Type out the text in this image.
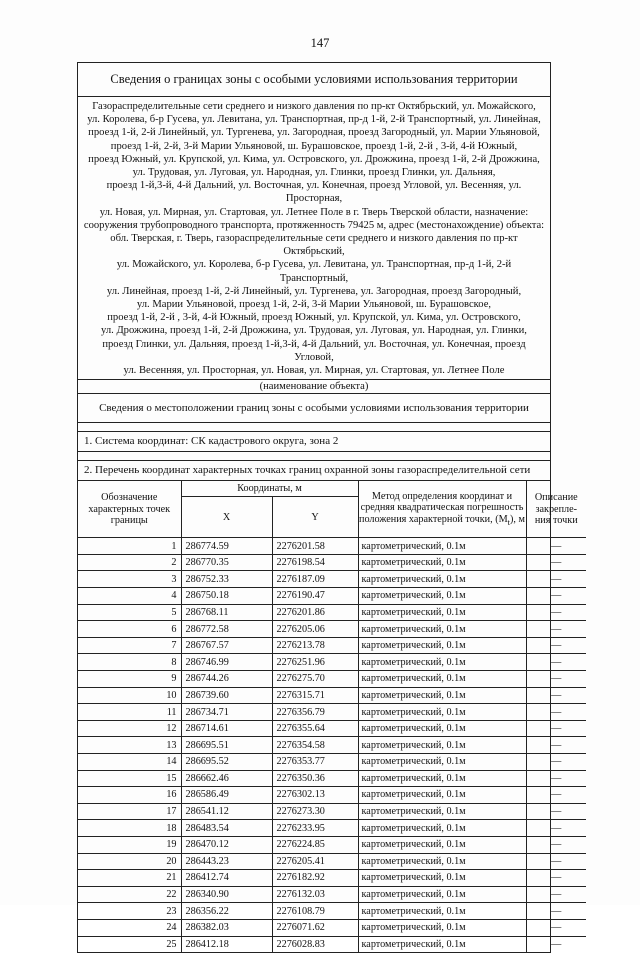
147
Сведения о границах зоны с особыми условиями использования территории
Газораспределительные сети среднего и низкого давления по пр-кт Октябрьский, ул. Можайского,
ул. Королева, б-р Гусева, ул. Левитана, ул. Транспортная, пр-д 1-й, 2-й Транспортный, ул. Линейная,
проезд 1-й, 2-й Линейный, ул. Тургенева, ул. Загородная, проезд Загородный, ул. Марии Ульяновой,
проезд 1-й, 2-й, 3-й Марии Ульяновой, ш. Бурашовское, проезд 1-й, 2-й , 3-й, 4-й Южный,
проезд Южный, ул. Крупской, ул. Кима, ул. Островского, ул. Дрожжина, проезд 1-й, 2-й Дрожжина,
ул. Трудовая, ул. Луговая, ул. Народная, ул. Глинки, проезд Глинки, ул. Дальняя,
проезд 1-й,3-й, 4-й Дальний, ул. Восточная, ул. Конечная, проезд Угловой, ул. Весенняя, ул. Просторная,
ул. Новая, ул. Мирная, ул. Стартовая, ул. Летнее Поле в г. Тверь Тверской области, назначение:
сооружения трубопроводного транспорта, протяженность 79425 м, адрес (местонахождение) объекта:
обл. Тверская, г. Тверь, газораспределительные сети среднего и низкого давления по пр-кт Октябрьский,
ул. Можайского, ул. Королева, б-р Гусева, ул. Левитана, ул. Транспортная, пр-д 1-й, 2-й Транспортный,
ул. Линейная, проезд 1-й, 2-й Линейный, ул. Тургенева, ул. Загородная, проезд Загородный,
ул. Марии Ульяновой, проезд 1-й, 2-й, 3-й Марии Ульяновой, ш. Бурашовское,
проезд 1-й, 2-й , 3-й, 4-й Южный, проезд Южный, ул. Крупской, ул. Кима, ул. Островского,
ул. Дрожжина, проезд 1-й, 2-й Дрожжина, ул. Трудовая, ул. Луговая, ул. Народная, ул. Глинки,
проезд Глинки, ул. Дальняя, проезд 1-й,3-й, 4-й Дальний, ул. Восточная, ул. Конечная, проезд Угловой,
ул. Весенняя, ул. Просторная, ул. Новая, ул. Мирная, ул. Стартовая, ул. Летнее Поле
(наименование объекта)
Сведения о местоположении границ зоны с особыми условиями использования территории
1. Система координат: СК кадастрового округа, зона 2
2. Перечень координат характерных точках границ охранной зоны газораспределительной сети
Обозначение характерных точек границы	Координаты, м		Метод определения координат и средняя квадратическая погрешность положения характерной точки, $(M_t)$, м	Описание закрепле- ния точки
	X	Y		
1	286774.59	2276201.58	картометрический, 0.1м	—
2	286770.35	2276198.54	картометрический, 0.1м	—
3	286752.33	2276187.09	картометрический, 0.1м	—
4	286750.18	2276190.47	картометрический, 0.1м	—
5	286768.11	2276201.86	картометрический, 0.1м	—
6	286772.58	2276205.06	картометрический, 0.1м	—
7	286767.57	2276213.78	картометрический, 0.1м	—
8	286746.99	2276251.96	картометрический, 0.1м	—
9	286744.26	2276275.70	картометрический, 0.1м	—
10	286739.60	2276315.71	картометрический, 0.1м	—
11	286734.71	2276356.79	картометрический, 0.1м	—
12	286714.61	2276355.64	картометрический, 0.1м	—
13	286695.51	2276354.58	картометрический, 0.1м	—
14	286695.52	2276353.77	картометрический, 0.1м	—
15	286662.46	2276350.36	картометрический, 0.1м	—
16	286586.49	2276302.13	картометрический, 0.1м	—
17	286541.12	2276273.30	картометрический, 0.1м	—
18	286483.54	2276233.95	картометрический, 0.1м	—
19	286470.12	2276224.85	картометрический, 0.1м	—
20	286443.23	2276205.41	картометрический, 0.1м	—
21	286412.74	2276182.92	картометрический, 0.1м	—
22	286340.90	2276132.03	картометрический, 0.1м	—
23	286356.22	2276108.79	картометрический, 0.1м	—
24	286382.03	2276071.62	картометрический, 0.1м	—
25	286412.18	2276028.83	картометрический, 0.1м	—
